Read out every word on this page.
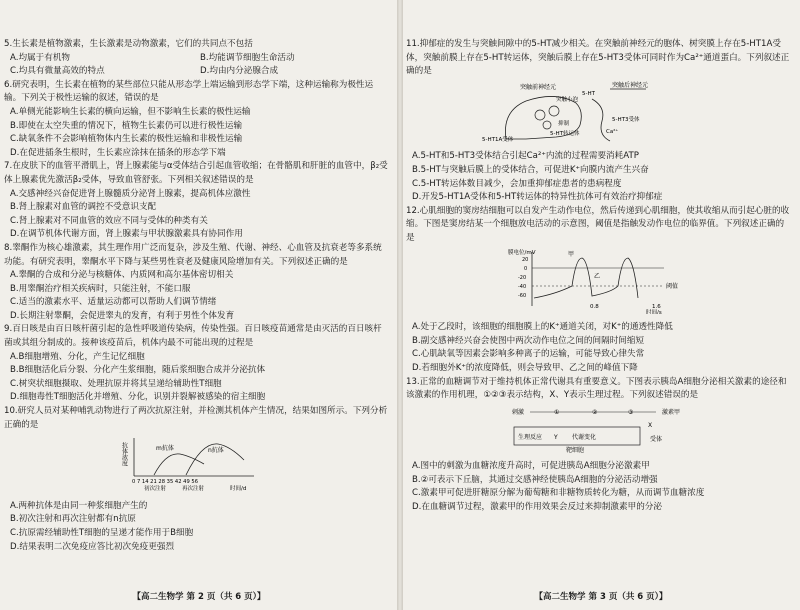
5.生长素是植物激素，生长激素是动物激素，它们的共同点不包括
A.均属于有机物	B.均能调节细胞生命活动
C.均具有微量高效的特点	D.均由内分泌腺合成
6.研究表明，生长素在植物的某些部位只能从形态学上端运输到形态学下端，这种运输称为极性运输。下列关于极性运输的叙述，错误的是
A.单侧光能影响生长素的横向运输，但不影响生长素的极性运输
B.即使在太空失重的情况下，植物生长素仍可以进行极性运输
C.缺氧条件不会影响植物体内生长素的极性运输和非极性运输
D.在促进插条生根时，生长素应涂抹在插条的形态学下端
7.在皮肤下的血管平滑肌上，肾上腺素能与α受体结合引起血管收缩；在骨骼肌和肝脏的血管中，β₂受体上腺素优先激活β₂受体，导致血管舒张。下列相关叙述错误的是
A.交感神经兴奋促进肾上腺髓质分泌肾上腺素，提高机体应激性
B.肾上腺素对血管的调控不受意识支配
C.肾上腺素对不同血管的效应不同与受体的种类有关
D.在调节机体代谢方面，肾上腺素与甲状腺激素具有协同作用
8.睾酮作为核心雄激素，其生理作用广泛而复杂，涉及生殖、代谢、神经、心血管及抗衰老等多系统功能。有研究表明，睾酮水平下降与某些男性衰老及健康风险增加有关。下列叙述正确的是
A.睾酮的合成和分泌与核糖体、内质网和高尔基体密切相关
B.用睾酮治疗相关疾病时，只能注射，不能口服
C.适当的激素水平、适量运动都可以帮助人们调节情绪
D.长期注射睾酮，会促进睾丸的发育，有利于男性个体发育
9.百日咳是由百日咳杆菌引起的急性呼吸道传染病，传染性强。百日咳疫苗通常是由灭活的百日咳杆菌或其组分制成的。接种该疫苗后，机体内最不可能出现的过程是
A.B细胞增殖、分化，产生记忆细胞
B.B细胞活化后分裂、分化产生浆细胞，随后浆细胞合成并分泌抗体
C.树突状细胞摄取、处理抗原并将其呈递给辅助性T细胞
D.细胞毒性T细胞活化并增殖、分化，识别并裂解被感染的宿主细胞
10.研究人员对某种哺乳动物进行了两次抗原注射，并检测其机体产生情况，结果如图所示。下列分析正确的是
抗体浓度	m抗体	n抗体
0 7 14 21 28 35 42 49 56
时间/d
初次注射	再次注射
A.两种抗体是由同一种浆细胞产生的
B.初次注射和再次注射都有n抗原
C.抗原需经辅助性T细胞的呈递才能作用于B细胞
D.结果表明二次免疫应答比初次免疫更强烈
【高二生物学 第 2 页（共 6 页）】
11.抑郁症的发生与突触间隙中的5-HT减少相关。在突触前神经元的胞体、树突膜上存在5-HT1A受体，突触前膜上存在5-HT转运体，突触后膜上存在5-HT3受体可同时作为Ca²⁺通道蛋白。下列叙述正确的是
突触前神经元	突触后神经元
突触小泡
抑制
5-HT
5-HT转运体
5-HT3受体
Ca²⁺
5-HT1A受体
A.5-HT和5-HT3受体结合引起Ca²⁺内流的过程需要消耗ATP
B.5-HT与突触后膜上的受体结合，可促进K⁺向膜内流产生兴奋
C.5-HT转运体数目减少，会加重抑郁症患者的患病程度
D.开发5-HT1A受体和5-HT转运体的特异性抗体可有效治疗抑郁症
12.心肌细胞的窦房结细胞可以自发产生动作电位，然后传递到心肌细胞，使其收缩从而引起心脏的收缩。下图是窦房结某一个细胞放电活动的示意图，阈值是指触发动作电位的临界值。下列叙述正确的是
膜电位/mV
20
0
-20
-40
-60
甲
乙
阈值
0.8	1.6
时间/s
A.处于乙段时，该细胞的细胞膜上的K⁺通道关闭，对K⁺的通透性降低
B.副交感神经兴奋会使图中两次动作电位之间的间隔时间缩短
C.心肌缺氧等因素会影响多种离子的运输，可能导致心律失常
D.若细胞外K⁺的浓度降低，则会导致甲、乙之间的峰值下降
13.正常的血糖调节对于维持机体正常代谢具有重要意义。下图表示胰岛A细胞分泌相关激素的途径和该激素的作用机理，①②③表示结构，X、Y表示生理过程。下列叙述错误的是
刺激	①	②	③	激素甲
X
生理反应 Y 代谢变化	受体
靶细胞
A.图中的刺激为血糖浓度升高时，可促进胰岛A细胞分泌激素甲
B.②可表示下丘脑，其通过交感神经使胰岛A细胞的分泌活动增强
C.激素甲可促进肝糖原分解为葡萄糖和非糖物质转化为糖，从而调节血糖浓度
D.在血糖调节过程，激素甲的作用效果会反过来抑制激素甲的分泌
【高二生物学 第 3 页（共 6 页）】
